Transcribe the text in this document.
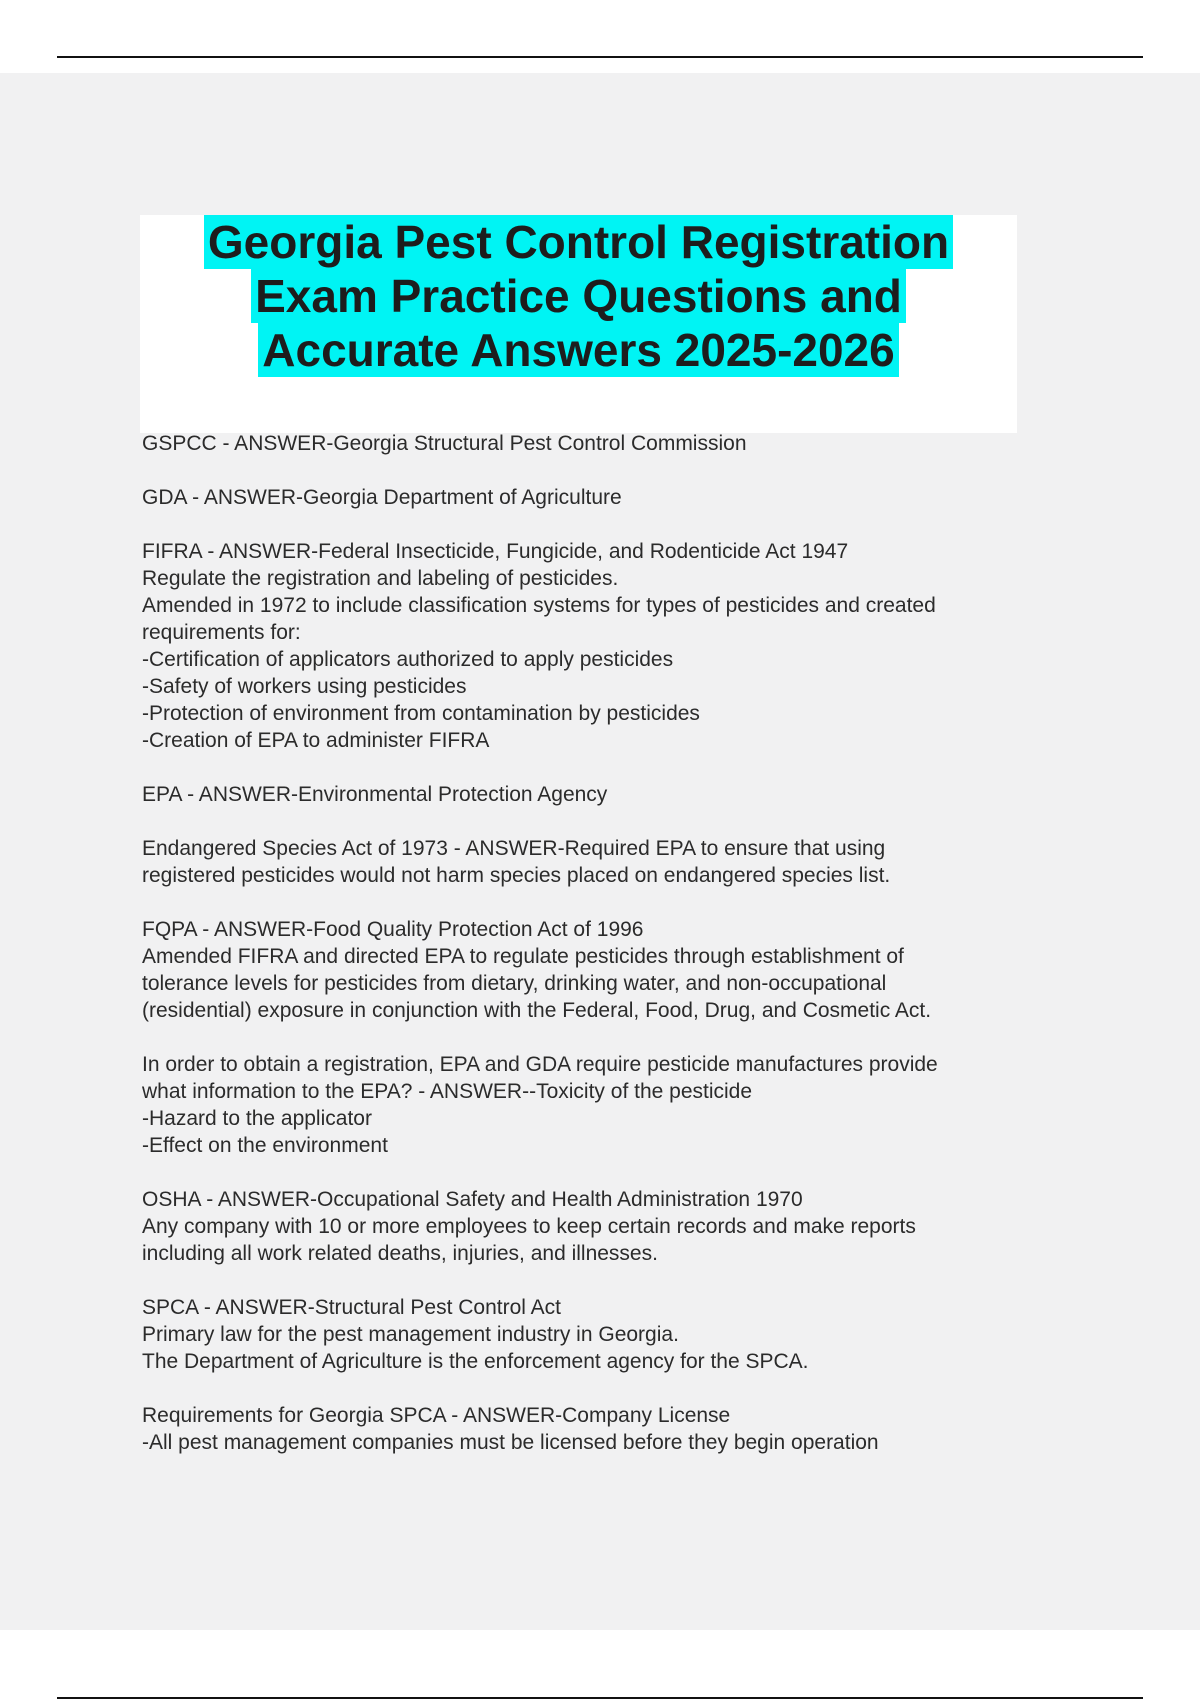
Georgia Pest Control Registration
Exam Practice Questions and
Accurate Answers 2025-2026
GSPCC - ANSWER-Georgia Structural Pest Control Commission
GDA - ANSWER-Georgia Department of Agriculture
FIFRA - ANSWER-Federal Insecticide, Fungicide, and Rodenticide Act 1947
Regulate the registration and labeling of pesticides.
Amended in 1972 to include classification systems for types of pesticides and created
requirements for:
-Certification of applicators authorized to apply pesticides
-Safety of workers using pesticides
-Protection of environment from contamination by pesticides
-Creation of EPA to administer FIFRA
EPA - ANSWER-Environmental Protection Agency
Endangered Species Act of 1973 - ANSWER-Required EPA to ensure that using
registered pesticides would not harm species placed on endangered species list.
FQPA - ANSWER-Food Quality Protection Act of 1996
Amended FIFRA and directed EPA to regulate pesticides through establishment of
tolerance levels for pesticides from dietary, drinking water, and non-occupational
(residential) exposure in conjunction with the Federal, Food, Drug, and Cosmetic Act.
In order to obtain a registration, EPA and GDA require pesticide manufactures provide
what information to the EPA? - ANSWER--Toxicity of the pesticide
-Hazard to the applicator
-Effect on the environment
OSHA - ANSWER-Occupational Safety and Health Administration 1970
Any company with 10 or more employees to keep certain records and make reports
including all work related deaths, injuries, and illnesses.
SPCA - ANSWER-Structural Pest Control Act
Primary law for the pest management industry in Georgia.
The Department of Agriculture is the enforcement agency for the SPCA.
Requirements for Georgia SPCA - ANSWER-Company License
-All pest management companies must be licensed before they begin operation
